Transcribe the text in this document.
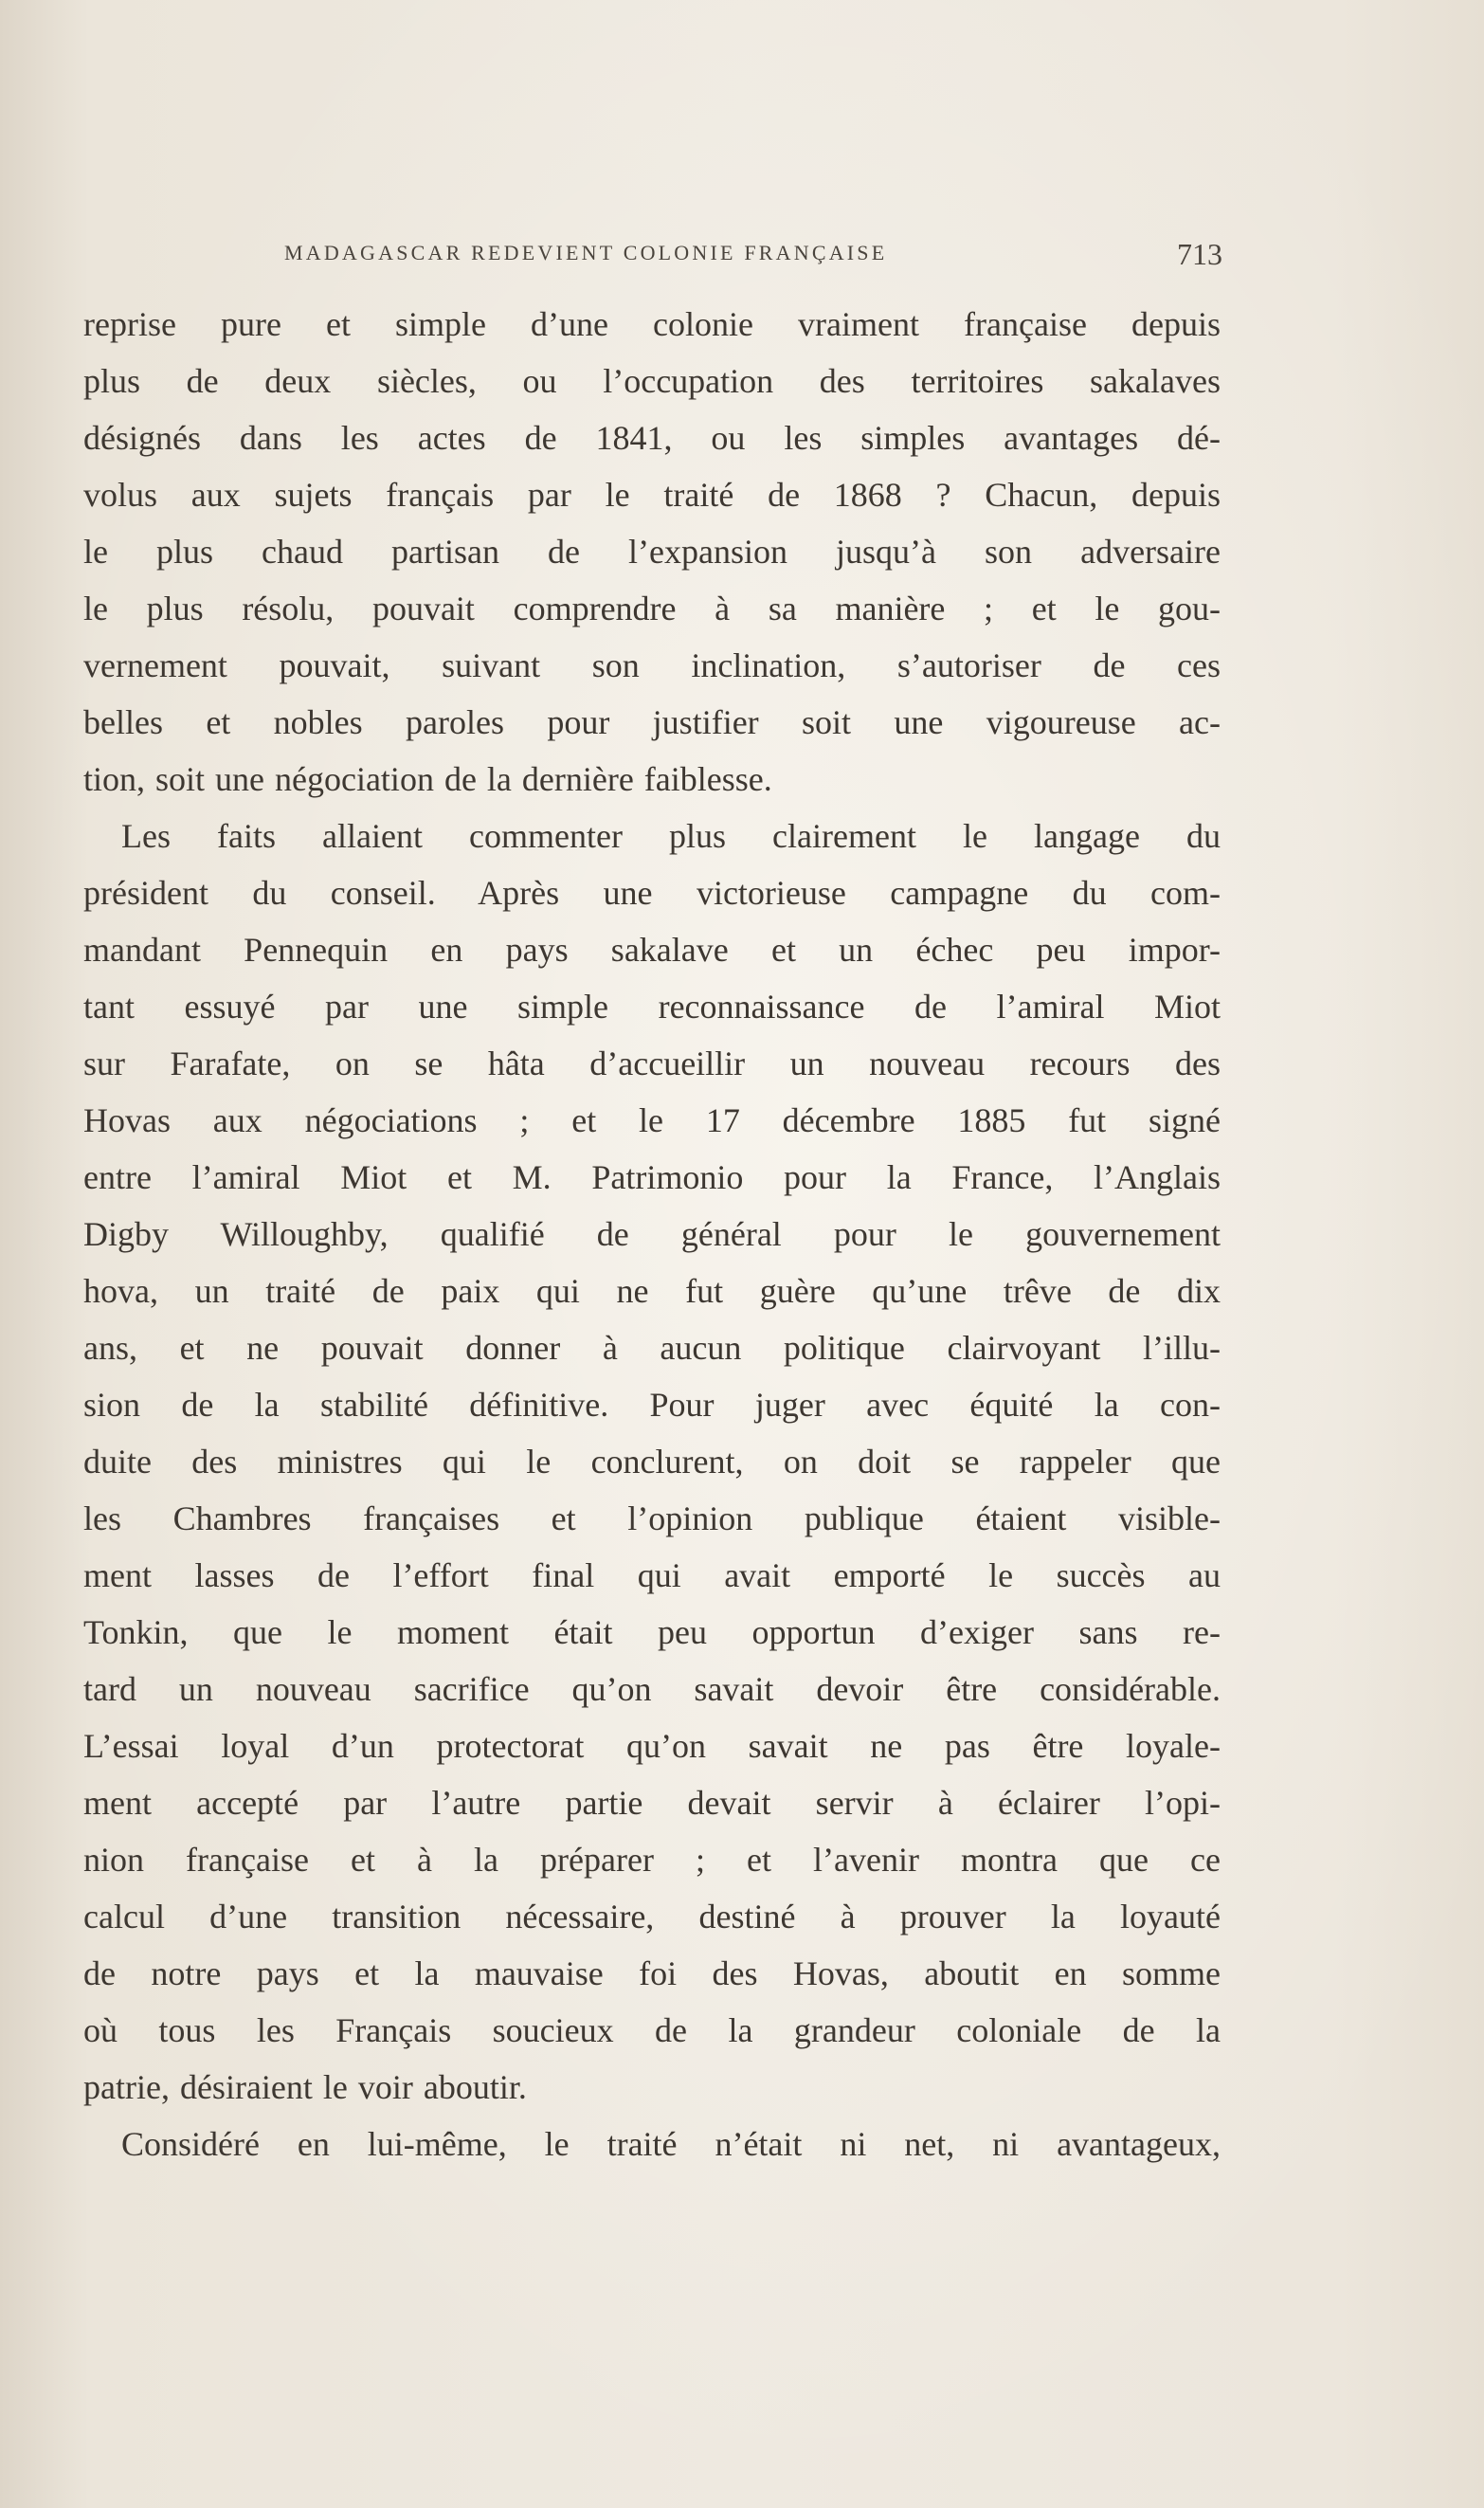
MADAGASCAR REDEVIENT COLONIE FRANÇAISE	713
reprise pure et simple d’une colonie vraiment française depuis
plus de deux siècles, ou l’occupation des territoires sakalaves
désignés dans les actes de 1841, ou les simples avantages dé-
volus aux sujets français par le traité de 1868 ? Chacun, depuis
le plus chaud partisan de l’expansion jusqu’à son adversaire
le plus résolu, pouvait comprendre à sa manière ; et le gou-
vernement pouvait, suivant son inclination, s’autoriser de ces
belles et nobles paroles pour justifier soit une vigoureuse ac-
tion, soit une négociation de la dernière faiblesse.
Les faits allaient commenter plus clairement le langage du
président du conseil. Après une victorieuse campagne du com-
mandant Pennequin en pays sakalave et un échec peu impor-
tant essuyé par une simple reconnaissance de l’amiral Miot
sur Farafate, on se hâta d’accueillir un nouveau recours des
Hovas aux négociations ; et le 17 décembre 1885 fut signé
entre l’amiral Miot et M. Patrimonio pour la France, l’Anglais
Digby Willoughby, qualifié de général pour le gouvernement
hova, un traité de paix qui ne fut guère qu’une trêve de dix
ans, et ne pouvait donner à aucun politique clairvoyant l’illu-
sion de la stabilité définitive. Pour juger avec équité la con-
duite des ministres qui le conclurent, on doit se rappeler que
les Chambres françaises et l’opinion publique étaient visible-
ment lasses de l’effort final qui avait emporté le succès au
Tonkin, que le moment était peu opportun d’exiger sans re-
tard un nouveau sacrifice qu’on savait devoir être considérable.
L’essai loyal d’un protectorat qu’on savait ne pas être loyale-
ment accepté par l’autre partie devait servir à éclairer l’opi-
nion française et à la préparer ; et l’avenir montra que ce
calcul d’une transition nécessaire, destiné à prouver la loyauté
de notre pays et la mauvaise foi des Hovas, aboutit en somme
où tous les Français soucieux de la grandeur coloniale de la
patrie, désiraient le voir aboutir.
Considéré en lui-même, le traité n’était ni net, ni avantageux,
